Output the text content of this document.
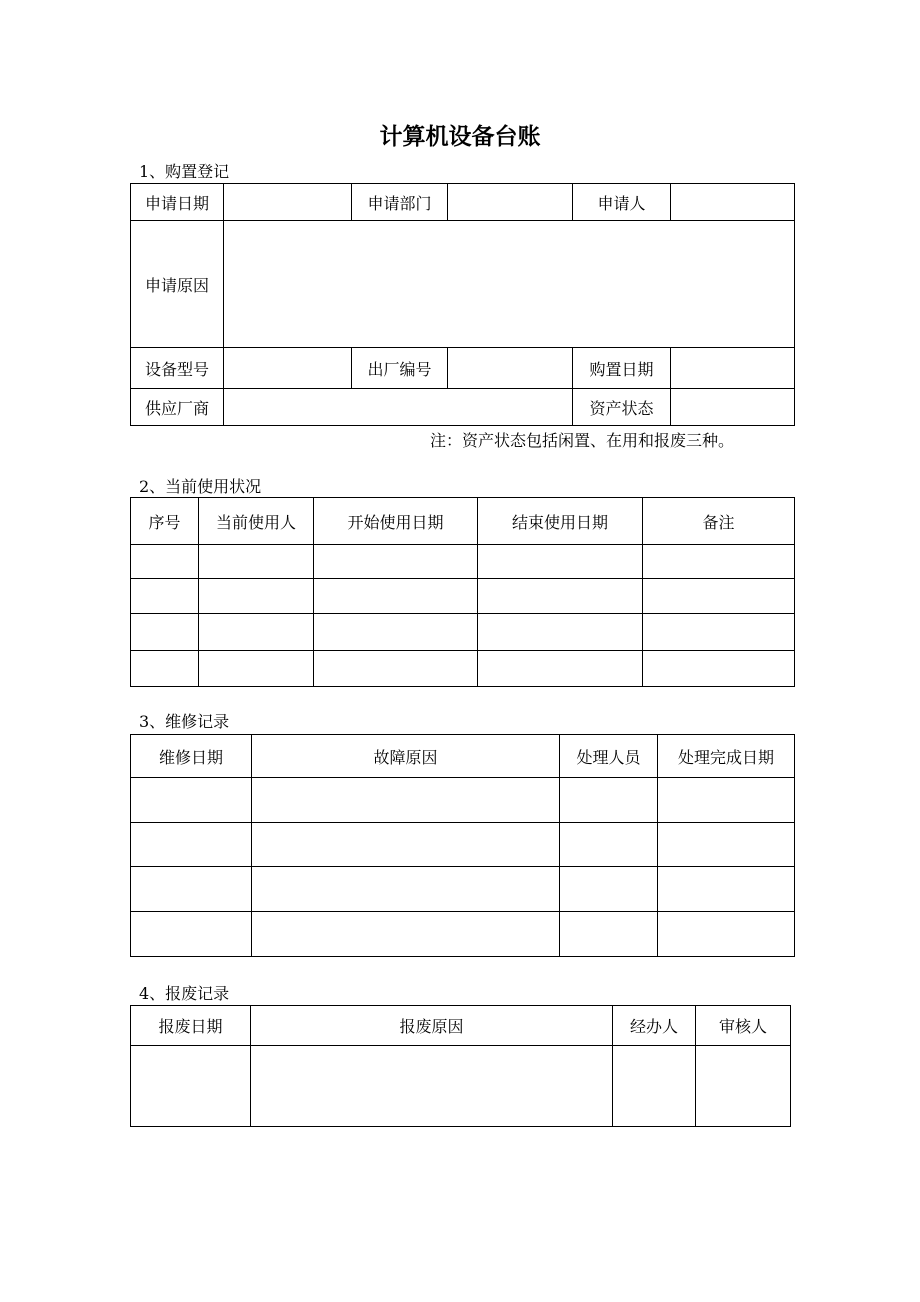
计算机设备台账
1、购置登记
申请日期		申请部门		申请人	
申请原因					
设备型号		出厂编号		购置日期	
供应厂商				资产状态	
注：资产状态包括闲置、在用和报废三种。
2、当前使用状况
序号	当前使用人	开始使用日期	结束使用日期	备注

3、维修记录
维修日期	故障原因	处理人员	处理完成日期

4、报废记录
报废日期	报废原因	经办人	审核人
